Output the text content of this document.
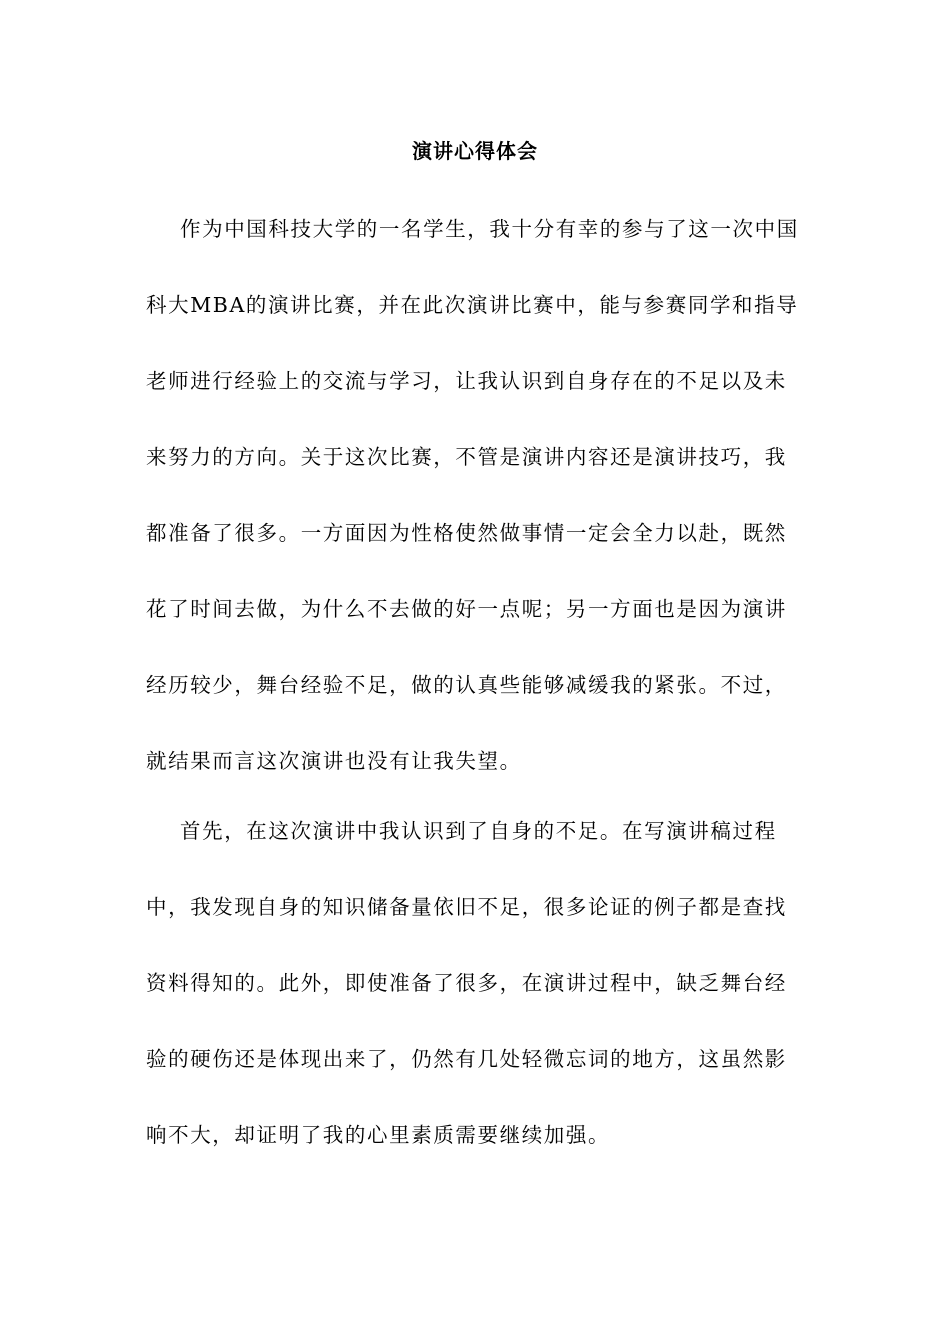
演讲心得体会
作为中国科技大学的一名学生，我十分有幸的参与了这一次中国
科大MBA的演讲比赛，并在此次演讲比赛中，能与参赛同学和指导
老师进行经验上的交流与学习，让我认识到自身存在的不足以及未
来努力的方向。关于这次比赛，不管是演讲内容还是演讲技巧，我
都准备了很多。一方面因为性格使然做事情一定会全力以赴，既然
花了时间去做，为什么不去做的好一点呢；另一方面也是因为演讲
经历较少，舞台经验不足，做的认真些能够减缓我的紧张。不过，
就结果而言这次演讲也没有让我失望。
首先，在这次演讲中我认识到了自身的不足。在写演讲稿过程
中，我发现自身的知识储备量依旧不足，很多论证的例子都是查找
资料得知的。此外，即使准备了很多，在演讲过程中，缺乏舞台经
验的硬伤还是体现出来了，仍然有几处轻微忘词的地方，这虽然影
响不大，却证明了我的心里素质需要继续加强。
